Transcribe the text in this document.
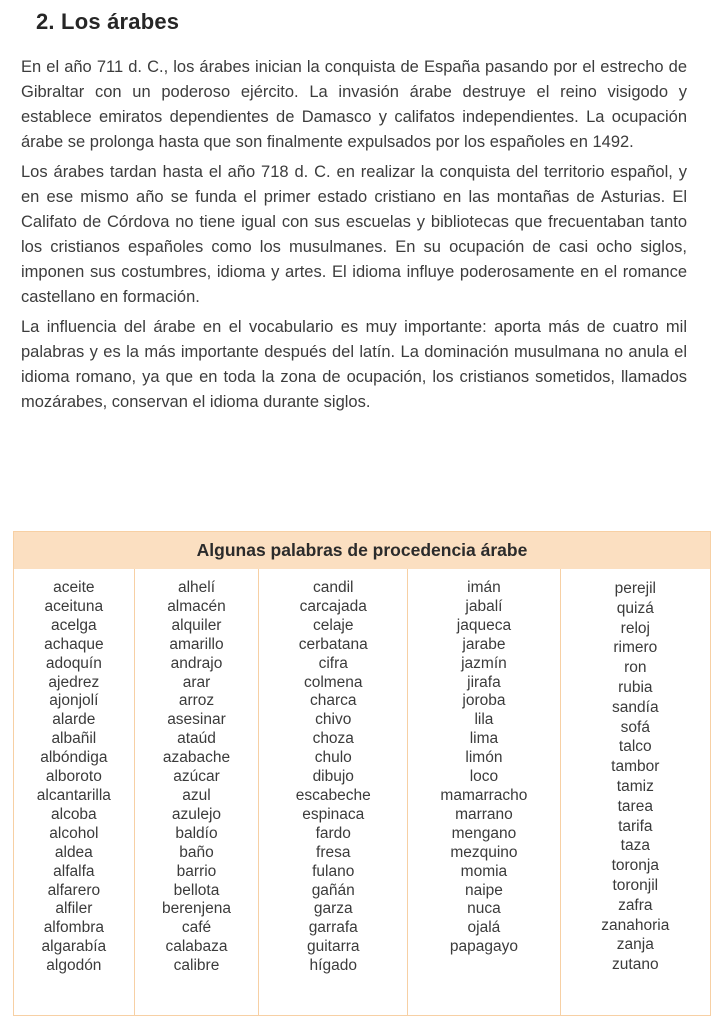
2. Los árabes

En el año 711 d. C., los árabes inician la conquista de España pasando por el estrecho de Gibraltar con un poderoso ejército. La invasión árabe destruye el reino visigodo y establece emiratos dependientes de Damasco y califatos independientes. La ocupación árabe se prolonga hasta que son finalmente expulsados por los españoles en 1492.

Los árabes tardan hasta el año 718 d. C. en realizar la conquista del territorio español, y en ese mismo año se funda el primer estado cristiano en las montañas de Asturias. El Califato de Córdova no tiene igual con sus escuelas y bibliotecas que frecuentaban tanto los cristianos españoles como los musulmanes. En su ocupación de casi ocho siglos, imponen sus costumbres, idioma y artes. El idioma influye poderosamente en el romance castellano en formación.

La influencia del árabe en el vocabulario es muy importante: aporta más de cuatro mil palabras y es la más importante después del latín. La dominación musulmana no anula el idioma romano, ya que en toda la zona de ocupación, los cristianos sometidos, llamados mozárabes, conservan el idioma durante siglos.

Algunas palabras de procedencia árabe
aceite
aceituna
acelga
achaque
adoquín
ajedrez
ajonjolí
alarde
albañil
albóndiga
alboroto
alcantarilla
alcoba
alcohol
aldea
alfalfa
alfarero
alfiler
alfombra
algarabía
algodón
alhelí
almacén
alquiler
amarillo
andrajo
arar
arroz
asesinar
ataúd
azabache
azúcar
azul
azulejo
baldío
baño
barrio
bellota
berenjena
café
calabaza
calibre
candil
carcajada
celaje
cerbatana
cifra
colmena
charca
chivo
choza
chulo
dibujo
escabeche
espinaca
fardo
fresa
fulano
gañán
garza
garrafa
guitarra
hígado
imán
jabalí
jaqueca
jarabe
jazmín
jirafa
joroba
lila
lima
limón
loco
mamarracho
marrano
mengano
mezquino
momia
naipe
nuca
ojalá
papagayo
perejil
quizá
reloj
rimero
ron
rubia
sandía
sofá
talco
tambor
tamiz
tarea
tarifa
taza
toronja
toronjil
zafra
zanahoria
zanja
zutano
